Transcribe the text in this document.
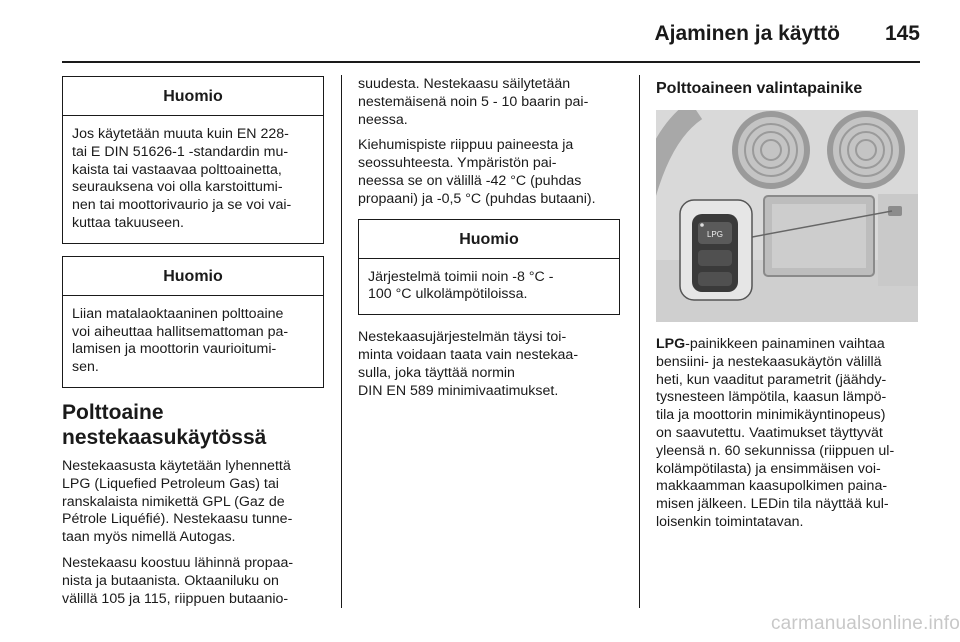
Ajaminen ja käyttö	145
Huomio
Jos käytetään muuta kuin EN 228-
tai E DIN 51626-1 -standardin mu-
kaista tai vastaavaa polttoainetta,
seurauksena voi olla karstoittumi-
nen tai moottorivaurio ja se voi vai-
kuttaa takuuseen.
Huomio
Liian matalaoktaaninen polttoaine
voi aiheuttaa hallitsemattoman pa-
lamisen ja moottorin vaurioitumi-
sen.
Polttoaine
nestekaasukäytössä
Nestekaasusta käytetään lyhennettä
LPG (Liquefied Petroleum Gas) tai
ranskalaista nimikettä GPL (Gaz de
Pétrole Liquéfié). Nestekaasu tunne-
taan myös nimellä Autogas.
Nestekaasu koostuu lähinnä propaa-
nista ja butaanista. Oktaaniluku on
välillä 105 ja 115, riippuen butaanio-
suudesta. Nestekaasu säilytetään
nestemäisenä noin 5 - 10 baarin pai-
neessa.
Kiehumispiste riippuu paineesta ja
seossuhteesta. Ympäristön pai-
neessa se on välillä -42 °C (puhdas
propaani) ja -0,5 °C (puhdas butaani).
Huomio
Järjestelmä toimii noin -8 °C -
100 °C ulkolämpötiloissa.
Nestekaasujärjestelmän täysi toi-
minta voidaan taata vain nestekaa-
sulla, joka täyttää normin
DIN EN 589 minimivaatimukset.
Polttoaineen valintapainike
LPG
LPG-painikkeen painaminen vaihtaa
bensiini- ja nestekaasukäytön välillä
heti, kun vaaditut parametrit (jäähdy-
tysnesteen lämpötila, kaasun lämpö-
tila ja moottorin minimikäyntinopeus)
on saavutettu. Vaatimukset täyttyvät
yleensä n. 60 sekunnissa (riippuen ul-
kolämpötilasta) ja ensimmäisen voi-
makkaamman kaasupolkimen paina-
misen jälkeen. LEDin tila näyttää kul-
loisenkin toimintatavan.
carmanualsonline.info
